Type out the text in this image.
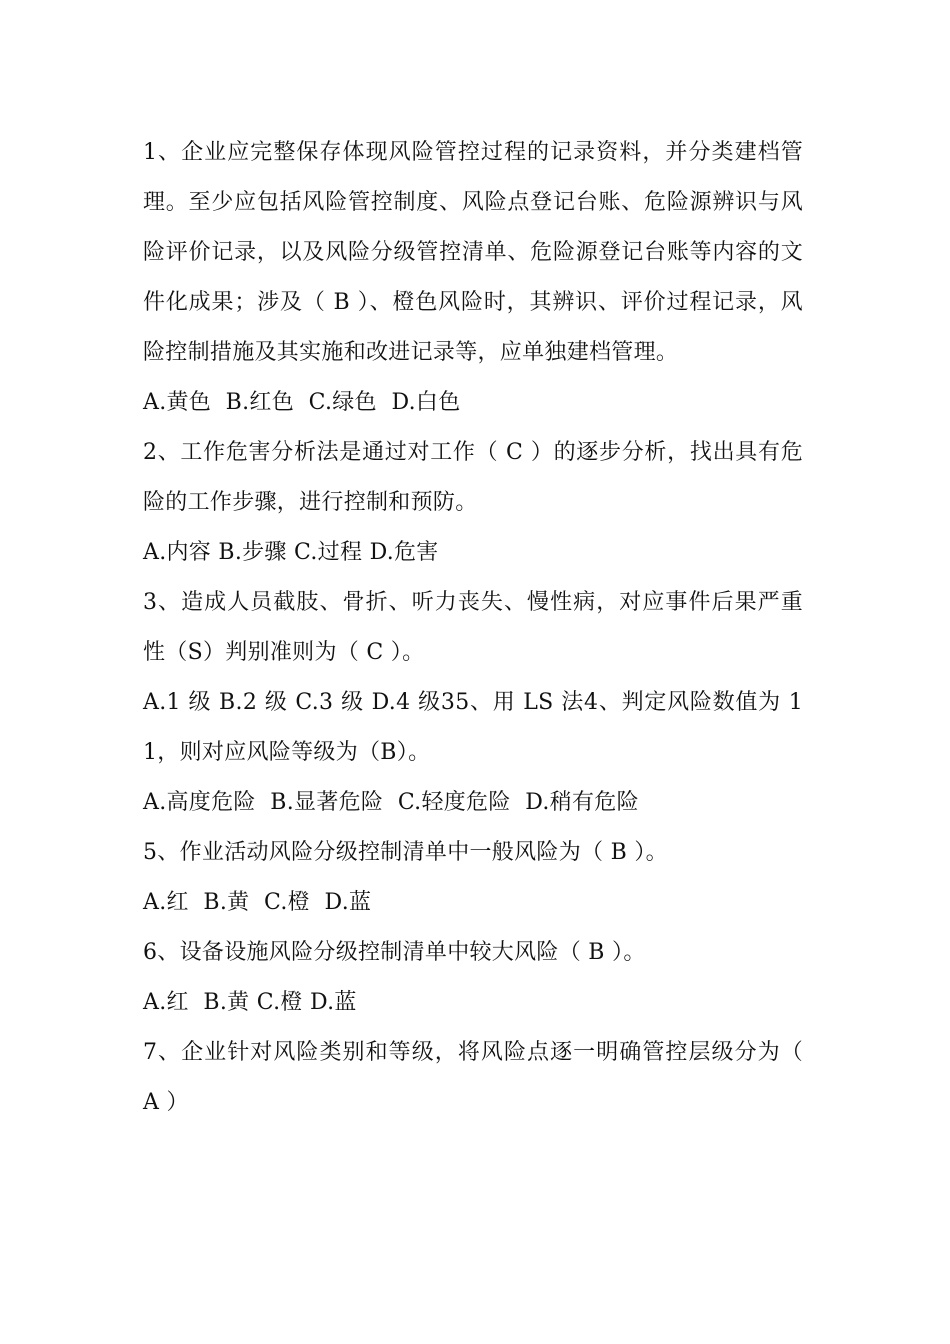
1、企业应完整保存体现风险管控过程的记录资料，并分类建档管理。至少应包括风险管控制度、风险点登记台账、危险源辨识与风险评价记录，以及风险分级管控清单、危险源登记台账等内容的文件化成果；涉及（ B ）、橙色风险时，其辨识、评价过程记录，风险控制措施及其实施和改进记录等，应单独建档管理。

A.黄色  B.红色  C.绿色  D.白色

2、工作危害分析法是通过对工作（ C ）的逐步分析，找出具有危险的工作步骤，进行控制和预防。

A.内容 B.步骤 C.过程 D.危害

3、造成人员截肢、骨折、听力丧失、慢性病，对应事件后果严重性（S）判别准则为（ C ）。

A.1 级 B.2 级 C.3 级 D.4 级35、用 LS 法4、判定风险数值为 11，则对应风险等级为（B）。

A.高度危险  B.显著危险  C.轻度危险  D.稍有危险

5、作业活动风险分级控制清单中一般风险为（ B ）。

A.红  B.黄  C.橙  D.蓝

6、设备设施风险分级控制清单中较大风险（ B ）。

A.红  B.黄 C.橙 D.蓝

7、企业针对风险类别和等级，将风险点逐一明确管控层级分为（ A ）
